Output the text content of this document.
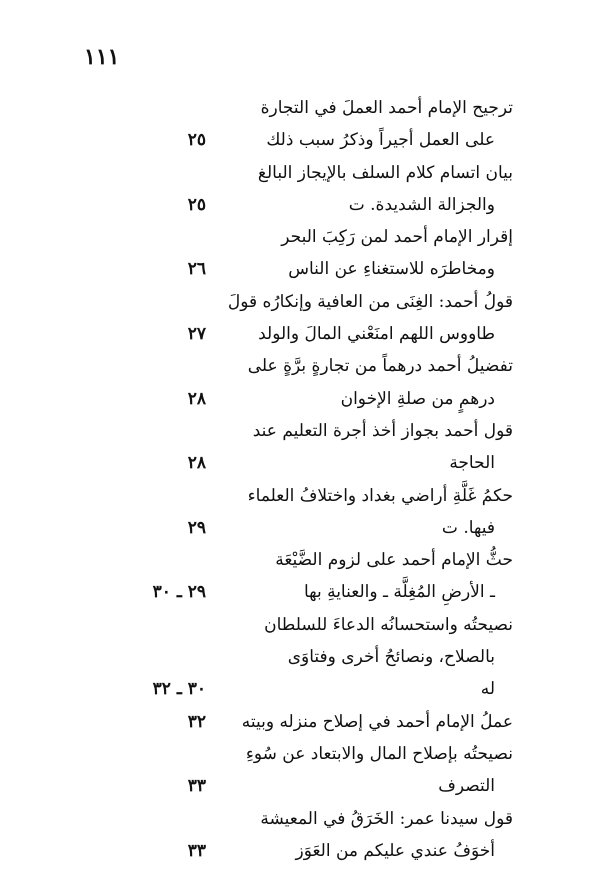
١١١
ترجيح الإمام أحمد العملَ في التجارة
على العمل أجيراً وذكرُ سبب ذلك
٢٥
بيان اتسام كلام السلف بالإيجاز البالغ
والجزالة الشديدة. ت
٢٥
إقرار الإمام أحمد لمن رَكِبَ البحر
ومخاطرَه للاستغناءِ عن الناس
٢٦
قولُ أحمد: الغِنَى من العافية وإنكارُه قولَ
طاووس اللهم امنَعْني المالَ والولد
٢٧
تفضيلُ أحمد درهماً من تجارةٍ برَّةٍ على
درهمٍ من صلةِ الإخوان
٢٨
قول أحمد بجواز أخذ أجرة التعليم عند
الحاجة
٢٨
حكمُ غَلَّةِ أراضي بغداد واختلافُ العلماء
فيها. ت
٢٩
حثُّ الإمام أحمد على لزوم الضَّيْعَة
ـ الأرضِ المُغِلَّة ـ والعنايةِ بها
٢٩ ـ ٣٠
نصيحتُه واستحسانُه الدعاءَ للسلطان
بالصلاح، ونصائحُ أخرى وفتاوَى
له
٣٠ ـ ٣٢
عملُ الإمام أحمد في إصلاح منزله وبيته
٣٢
نصيحتُه بإصلاح المال والابتعاد عن سُوءِ
التصرف
٣٣
قول سيدنا عمر: الخَرَقُ في المعيشة
أخوَفُ عندي عليكم من العَوَز
٣٣
